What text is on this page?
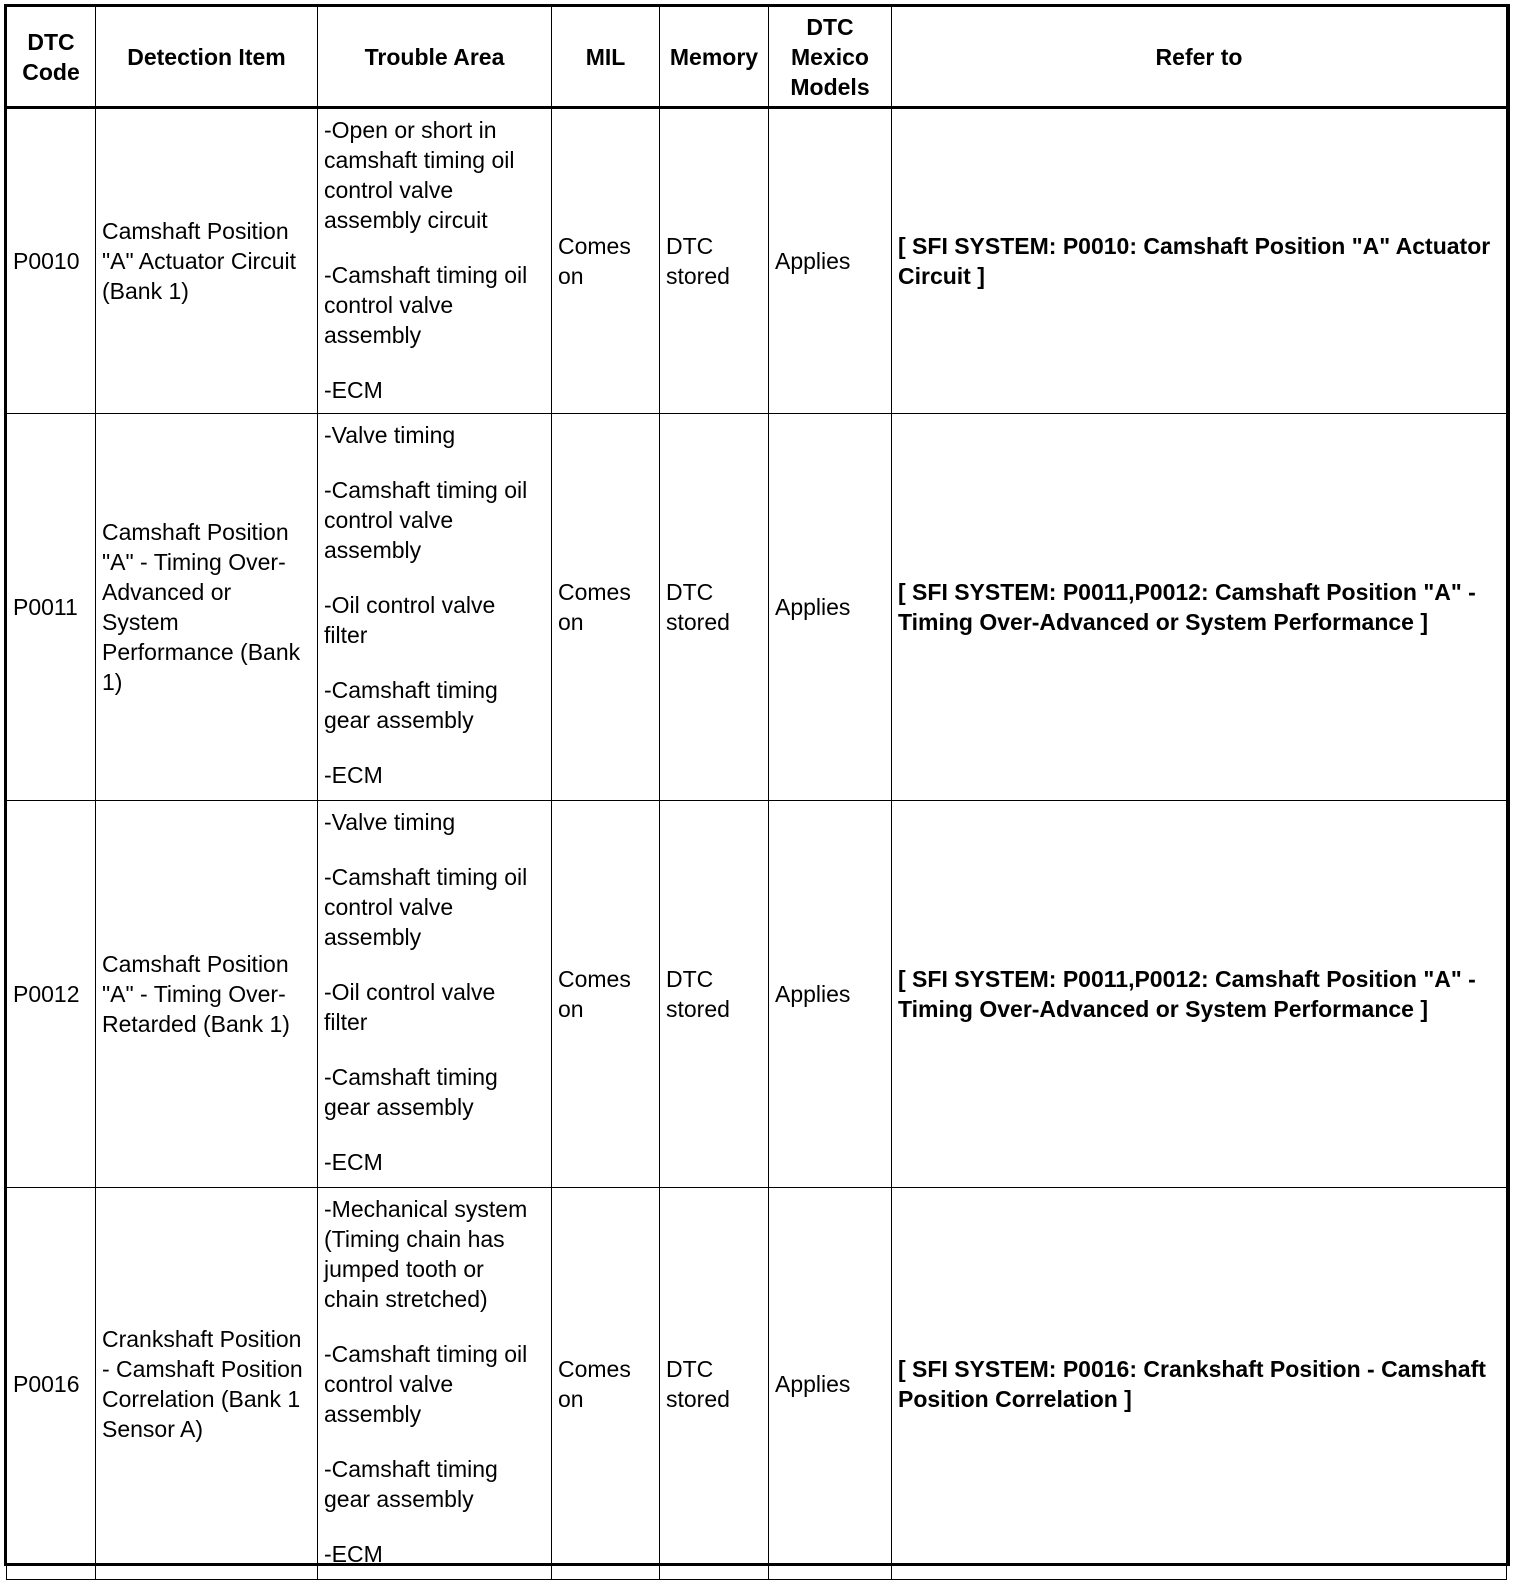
DTC Code	Detection Item	Trouble Area	MIL	Memory	DTC Mexico Models	Refer to
P0010	Camshaft Position "A" Actuator Circuit (Bank 1)	-Open or short in camshaft timing oil control valve assembly circuit

-Camshaft timing oil control valve assembly

-ECM	Comes on	DTC stored	Applies	[ SFI SYSTEM: P0010: Camshaft Position "A" Actuator Circuit ]
P0011	Camshaft Position "A" - Timing Over-Advanced or System Performance (Bank 1)	-Valve timing

-Camshaft timing oil control valve assembly

-Oil control valve filter

-Camshaft timing gear assembly

-ECM	Comes on	DTC stored	Applies	[ SFI SYSTEM: P0011,P0012: Camshaft Position "A" - Timing Over-Advanced or System Performance ]
P0012	Camshaft Position "A" - Timing Over-Retarded (Bank 1)	-Valve timing

-Camshaft timing oil control valve assembly

-Oil control valve filter

-Camshaft timing gear assembly

-ECM	Comes on	DTC stored	Applies	[ SFI SYSTEM: P0011,P0012: Camshaft Position "A" - Timing Over-Advanced or System Performance ]
P0016	Crankshaft Position - Camshaft Position Correlation (Bank 1 Sensor A)	-Mechanical system (Timing chain has jumped tooth or chain stretched)

-Camshaft timing oil control valve assembly

-Camshaft timing gear assembly

-ECM	Comes on	DTC stored	Applies	[ SFI SYSTEM: P0016: Crankshaft Position - Camshaft Position Correlation ]
